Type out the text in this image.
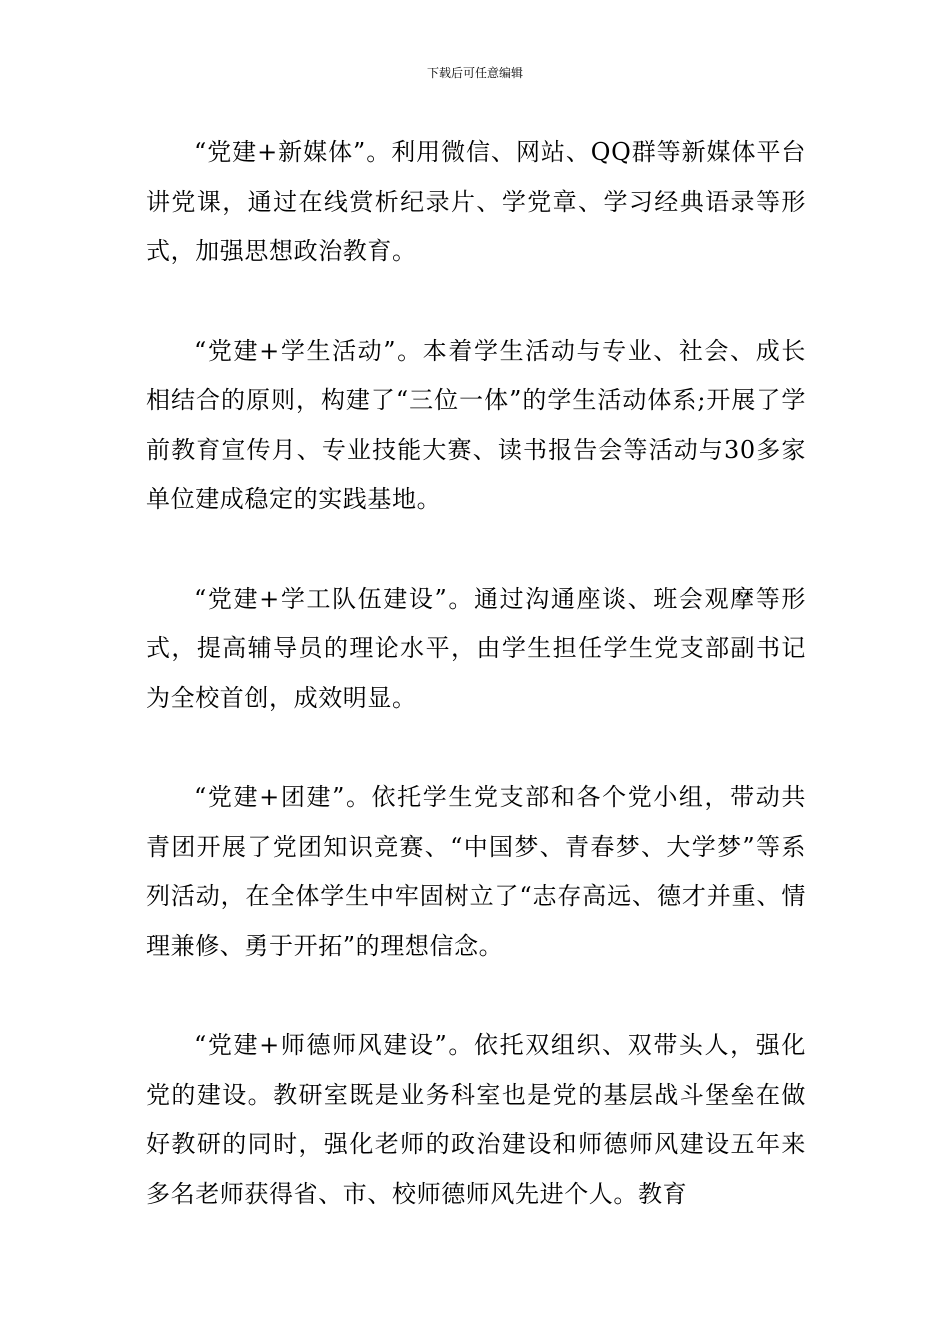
下载后可任意编辑

“党建+新媒体”。利用微信、网站、QQ群等新媒体平台讲党课，通过在线赏析纪录片、学党章、学习经典语录等形式，加强思想政治教育。

“党建+学生活动”。本着学生活动与专业、社会、成长相结合的原则，构建了“三位一体”的学生活动体系;开展了学前教育宣传月、专业技能大赛、读书报告会等活动与30多家单位建成稳定的实践基地。

“党建+学工队伍建设”。通过沟通座谈、班会观摩等形式，提高辅导员的理论水平，由学生担任学生党支部副书记为全校首创，成效明显。

“党建+团建”。依托学生党支部和各个党小组，带动共青团开展了党团知识竞赛、“中国梦、青春梦、大学梦”等系列活动，在全体学生中牢固树立了“志存高远、德才并重、情理兼修、勇于开拓”的理想信念。

“党建+师德师风建设”。依托双组织、双带头人，强化党的建设。教研室既是业务科室也是党的基层战斗堡垒在做好教研的同时，强化老师的政治建设和师德师风建设五年来多名老师获得省、市、校师德师风先进个人。教育
